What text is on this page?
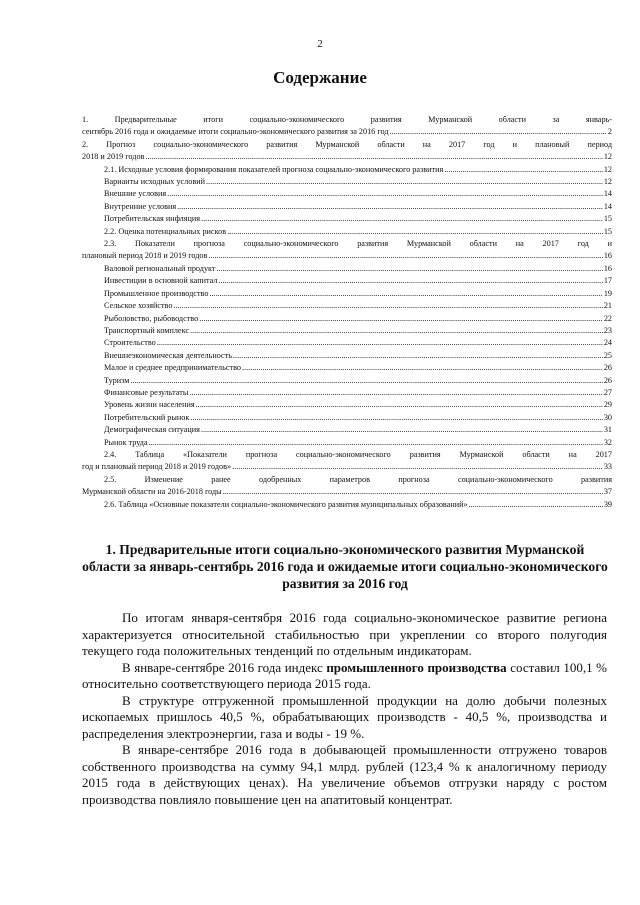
2
Содержание
1. Предварительные итоги социально-экономического развития Мурманской области за январь-
сентябрь 2016 года и ожидаемые итоги социально-экономического развития за 2016 год .....	2
2. Прогноз социально-экономического развития Мурманской области на 2017 год и плановый период
2018 и 2019 годов .....	12
2.1. Исходные условия формирования показателей прогноза социально-экономического развития .....	12
Варианты исходных условий .....	12
Внешние условия .....	14
Внутренние условия .....	14
Потребительская инфляция .....	15
2.2. Оценка потенциальных рисков .....	15
2.3. Показатели прогноза социально-экономического развития Мурманской области на 2017 год и
плановый период 2018 и 2019 годов .....	16
Валовой региональный продукт .....	16
Инвестиции в основной капитал .....	17
Промышленное производство .....	19
Сельское хозяйство .....	21
Рыболовство, рыбоводство .....	22
Транспортный комплекс .....	23
Строительство .....	24
Внешнеэкономическая деятельность .....	25
Малое и среднее предпринимательство .....	26
Туризм .....	26
Финансовые результаты .....	27
Уровень жизни населения .....	29
Потребительский рынок .....	30
Демографическая ситуация .....	31
Рынок труда .....	32
2.4. Таблица «Показатели прогноза социально-экономического развития Мурманской области на 2017
год и плановый период 2018 и 2019 годов» .....	33
2.5. Изменение ранее одобренных параметров прогноза социально-экономического развития
Мурманской области на 2016-2018 годы .....	37
2.6. Таблица «Основные показатели социально-экономического развития муниципальных образований» .....	39
1. Предварительные итоги социально-экономического развития Мурманской области за январь-сентябрь 2016 года и ожидаемые итоги социально-экономического развития за 2016 год

По итогам января-сентября 2016 года социально-экономическое развитие региона характеризуется относительной стабильностью при укреплении со второго полугодия текущего года положительных тенденций по отдельным индикаторам.

В январе-сентябре 2016 года индекс промышленного производства составил 100,1 % относительно соответствующего периода 2015 года.

В структуре отгруженной промышленной продукции на долю добычи полезных ископаемых пришлось 40,5 %, обрабатывающих производств - 40,5 %, производства и распределения электроэнергии, газа и воды - 19 %.

В январе-сентябре 2016 года в добывающей промышленности отгружено товаров собственного производства на сумму 94,1 млрд. рублей (123,4 % к аналогичному периоду 2015 года в действующих ценах). На увеличение объемов отгрузки наряду с ростом производства повлияло повышение цен на апатитовый концентрат.
